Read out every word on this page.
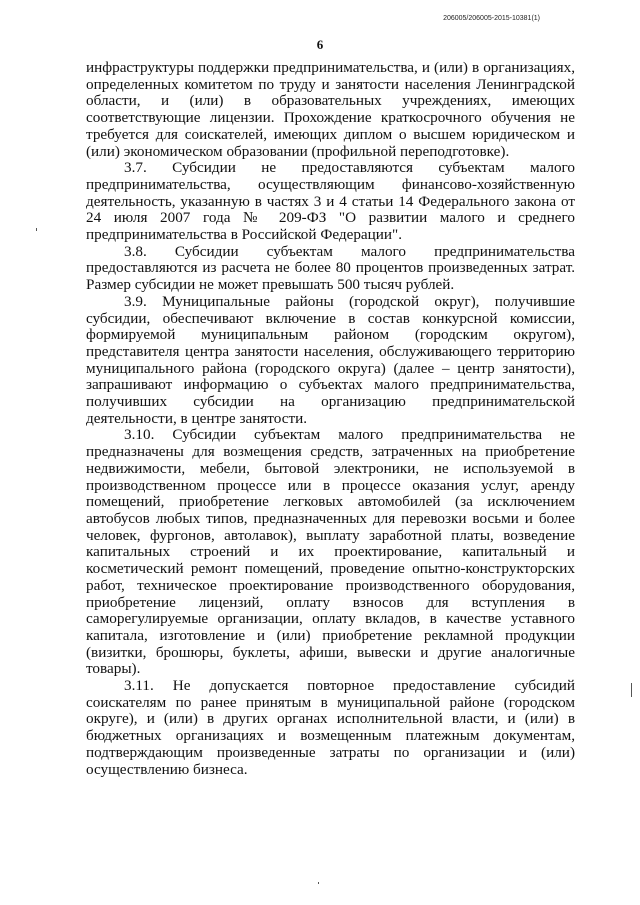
206005/206005-2015-10381(1)
6

инфраструктуры поддержки предпринимательства, и (или) в организациях, определенных комитетом по труду и занятости населения Ленинградской области, и (или) в образовательных учреждениях, имеющих соответствующие лицензии. Прохождение краткосрочного обучения не требуется для соискателей, имеющих диплом о высшем юридическом и (или) экономическом образовании (профильной переподготовке).

3.7. Субсидии не предоставляются субъектам малого предпринимательства, осуществляющим финансово-хозяйственную деятельность, указанную в частях 3 и 4 статьи 14 Федерального закона от 24 июля 2007 года № 209-ФЗ "О развитии малого и среднего предпринимательства в Российской Федерации".

3.8. Субсидии субъектам малого предпринимательства предоставляются из расчета не более 80 процентов произведенных затрат. Размер субсидии не может превышать 500 тысяч рублей.

3.9. Муниципальные районы (городской округ), получившие субсидии, обеспечивают включение в состав конкурсной комиссии, формируемой муниципальным районом (городским округом), представителя центра занятости населения, обслуживающего территорию муниципального района (городского округа) (далее – центр занятости), запрашивают информацию о субъектах малого предпринимательства, получивших субсидии на организацию предпринимательской деятельности, в центре занятости.

3.10. Субсидии субъектам малого предпринимательства не предназначены для возмещения средств, затраченных на приобретение недвижимости, мебели, бытовой электроники, не используемой в производственном процессе или в процессе оказания услуг, аренду помещений, приобретение легковых автомобилей (за исключением автобусов любых типов, предназначенных для перевозки восьми и более человек, фургонов, автолавок), выплату заработной платы, возведение капитальных строений и их проектирование, капитальный и косметический ремонт помещений, проведение опытно-конструкторских работ, техническое проектирование производственного оборудования, приобретение лицензий, оплату взносов для вступления в саморегулируемые организации, оплату вкладов, в качестве уставного капитала, изготовление и (или) приобретение рекламной продукции (визитки, брошюры, буклеты, афиши, вывески и другие аналогичные товары).

3.11. Не допускается повторное предоставление субсидий соискателям по ранее принятым в муниципальной районе (городском округе), и (или) в других органах исполнительной власти, и (или) в бюджетных организациях и возмещенным платежным документам, подтверждающим произведенные затраты по организации и (или) осуществлению бизнеса.
